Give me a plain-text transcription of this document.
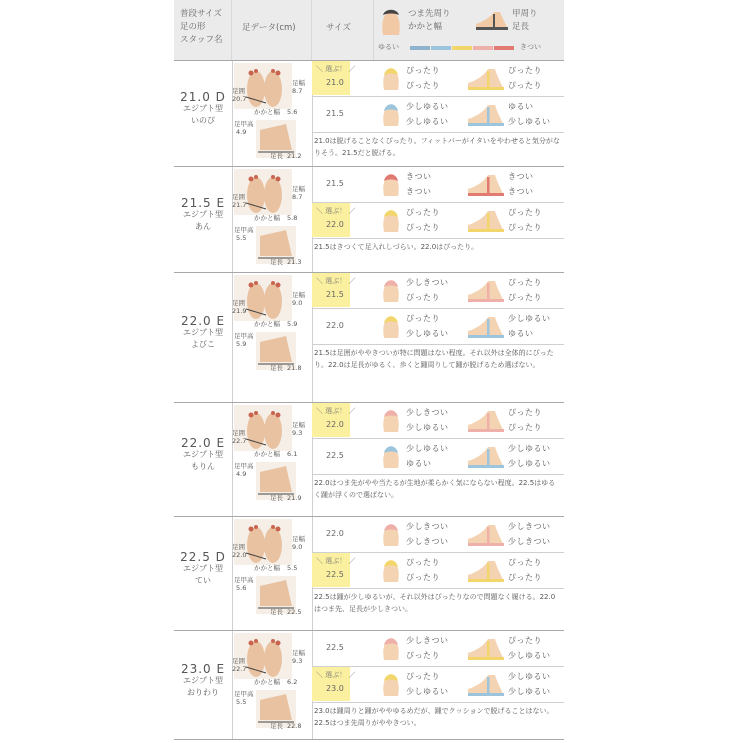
普段サイズ
足の形
スタッフ名
足データ(cm)	サイズ
つま先周り
かかと幅
甲周り
足長
ゆるい	きつい
21.0 D
エジプト型
いのぴ
足囲
20.7
足幅
8.7
かかと幅 5.6
足甲高
4.9
足長 21.2
＼ 選ぶ！ ／
21.0
ぴったり
ぴったり
ぴったり
ぴったり
21.5
少しゆるい
少しゆるい
ゆるい
少しゆるい
21.0は脱げることなくぴったり。フィットバーがイタいをやわせると気分がなりそう。21.5だと脱げる。
21.5 E
エジプト型
あん
足囲
21.7
足幅
8.7
かかと幅 5.8
足甲高
5.5
足長 21.3
21.5
きつい
きつい
きつい
きつい
＼ 選ぶ！ ／
22.0
ぴったり
ぴったり
ぴったり
ぴったり
21.5はきつくて足入れしづらい。22.0はぴったり。
22.0 E
エジプト型
よびこ
足囲
21.9
足幅
9.0
かかと幅 5.9
足甲高
5.9
足長 21.8
＼ 選ぶ！ ／
21.5
少しきつい
ぴったり
ぴったり
ぴったり
22.0
ぴったり
少しゆるい
少しゆるい
ゆるい
21.5は足囲がややきついが特に問題はない程度。それ以外は全体的にぴったり。22.0は足長がゆるく、歩くと踵周りして踵が脱げるため選ばない。
22.0 E
エジプト型
もりん
足囲
22.7
足幅
9.3
かかと幅 6.1
足甲高
4.9
足長 21.9
＼ 選ぶ！ ／
22.0
少しきつい
少しゆるい
ぴったり
ぴったり
22.5
少しゆるい
ゆるい
少しゆるい
少しゆるい
22.0はつま先がやや当たるが生地が柔らかく気にならない程度。22.5はゆるく踵が浮くので選ばない。
22.5 D
エジプト型
てい
足囲
22.0
足幅
9.0
かかと幅 5.5
足甲高
5.6
足長 22.5
22.0
少しきつい
少しきつい
少しきつい
少しきつい
＼ 選ぶ！ ／
22.5
ぴったり
ぴったり
ぴったり
ぴったり
22.5は踵が少しゆるいが、それ以外はぴったりなので問題なく履ける。22.0はつま先、足長が少しきつい。
23.0 E
エジプト型
おりわり
足囲
22.7
足幅
9.3
かかと幅 6.2
足甲高
5.5
足長 22.8
22.5
少しきつい
ぴったり
ぴったり
少しゆるい
＼ 選ぶ！ ／
23.0
ぴったり
少しゆるい
少しゆるい
少しゆるい
23.0は踵周りと踵がややゆるめだが、踵でクッションで脱げることはない。22.5はつま先周りがややきつい。
